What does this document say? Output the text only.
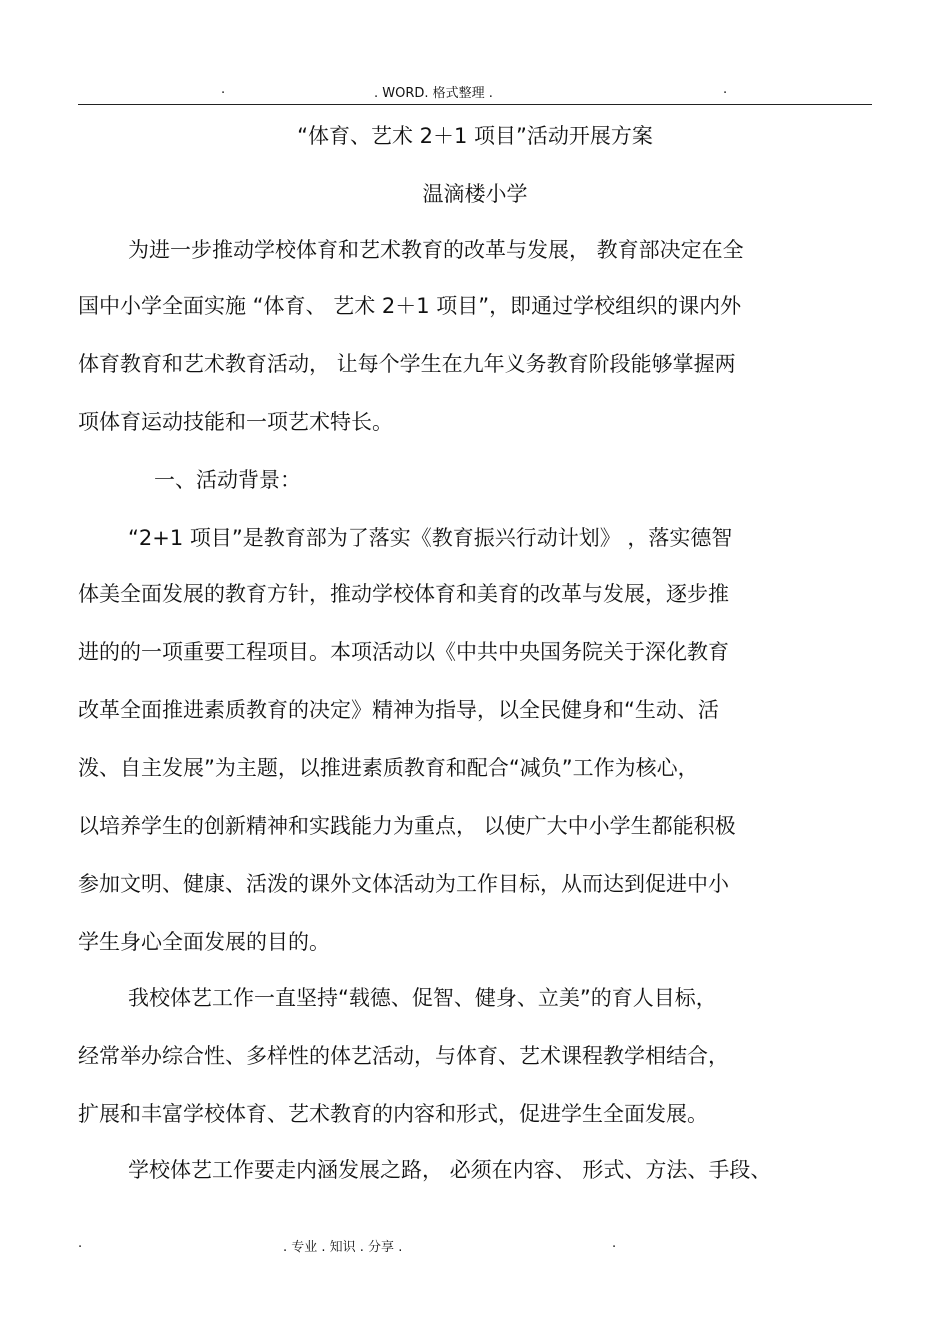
.	. WORD. 格式整理 .	.
“体育、艺术 2＋1 项目”活动开展方案
温滴楼小学
为进一步推动学校体育和艺术教育的改革与发展， 教育部决定在全
国中小学全面实施 “体育、 艺术 2＋1 项目”，即通过学校组织的课内外
体育教育和艺术教育活动， 让每个学生在九年义务教育阶段能够掌握两
项体育运动技能和一项艺术特长。
一、活动背景：
“2+1 项目”是教育部为了落实《教育振兴行动计划》 ，落实德智
体美全面发展的教育方针，推动学校体育和美育的改革与发展，逐步推
进的的一项重要工程项目。本项活动以《中共中央国务院关于深化教育
改革全面推进素质教育的决定》精神为指导，以全民健身和“生动、活
泼、自主发展”为主题，以推进素质教育和配合“减负”工作为核心，
以培养学生的创新精神和实践能力为重点， 以使广大中小学生都能积极
参加文明、健康、活泼的课外文体活动为工作目标，从而达到促进中小
学生身心全面发展的目的。
我校体艺工作一直坚持“载德、促智、健身、立美”的育人目标，
经常举办综合性、多样性的体艺活动，与体育、艺术课程教学相结合，
扩展和丰富学校体育、艺术教育的内容和形式，促进学生全面发展。
学校体艺工作要走内涵发展之路， 必须在内容、 形式、方法、手段、
.	. 专业 . 知识 . 分享 .	.
